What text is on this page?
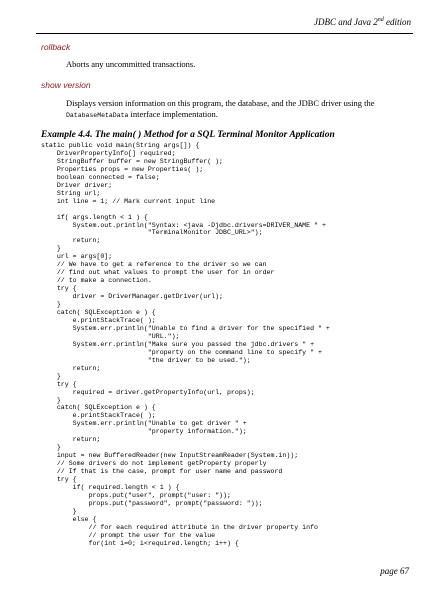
JDBC and Java 2nd edition
rollback
Aborts any uncommitted transactions.
show version
Displays version information on this program, the database, and the JDBC driver using the DatabaseMetaData interface implementation.
Example 4.4. The main( ) Method for a SQL Terminal Monitor Application
static public void main(String args[]) {
DriverPropertyInfo[] required;
StringBuffer buffer = new StringBuffer( );
Properties props = new Properties( );
boolean connected = false;
Driver driver;
String url;
int line = 1; // Mark current input line

if( args.length < 1 ) {
System.out.println("Syntax: <java -Djdbc.drivers=DRIVER_NAME " +
"TerminalMonitor JDBC_URL>");
return;
}
url = args[0];
// We have to get a reference to the driver so we can
// find out what values to prompt the user for in order
// to make a connection.
try {
driver = DriverManager.getDriver(url);
}
catch( SQLException e ) {
e.printStackTrace( );
System.err.println("Unable to find a driver for the specified " +
"URL.");
System.err.println("Make sure you passed the jdbc.drivers " +
"property on the command line to specify " +
"the driver to be used.");
return;
}
try {
required = driver.getPropertyInfo(url, props);
}
catch( SQLException e ) {
e.printStackTrace( );
System.err.println("Unable to get driver " +
"property information.");
return;
}
input = new BufferedReader(new InputStreamReader(System.in));
// Some drivers do not implement getProperty properly
// If that is the case, prompt for user name and password
try {
if( required.length < 1 ) {
props.put("user", prompt("user: "));
props.put("password", prompt("password: "));
}
else {
// for each required attribute in the driver property info
// prompt the user for the value
for(int i=0; i<required.length; i++) {

page 67
